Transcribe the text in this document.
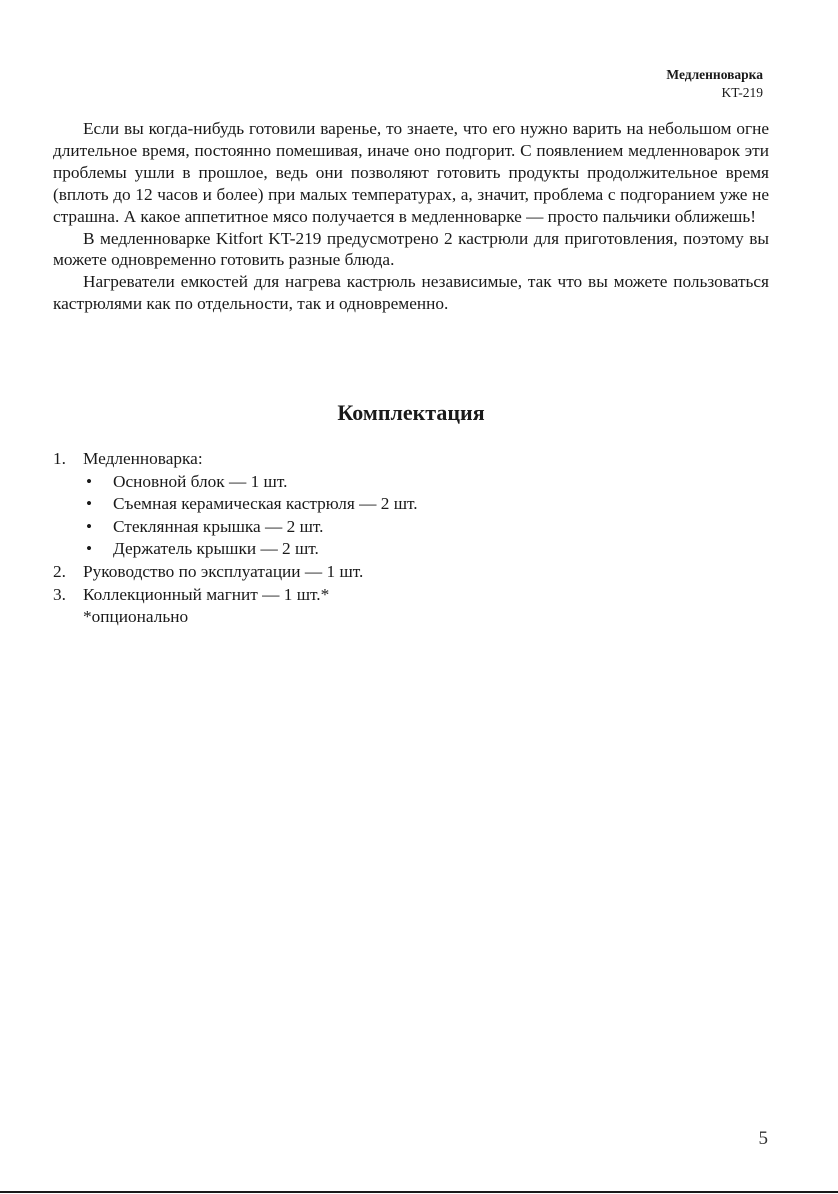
Медленноварка
KT-219

Если вы когда-нибудь готовили варенье, то знаете, что его нужно варить на небольшом огне длительное время, постоянно помешивая, иначе оно подгорит. С появлением медленноварок эти проблемы ушли в прошлое, ведь они позволяют готовить продукты продолжительное время (вплоть до 12 часов и более) при малых температурах, а, значит, проблема с подгоранием уже не страшна. А какое аппетитное мясо получается в медленноварке — просто пальчики оближешь!

В медленноварке Kitfort KT-219 предусмотрено 2 кастрюли для приготовления, поэтому вы можете одновременно готовить разные блюда.

Нагреватели емкостей для нагрева кастрюль независимые, так что вы можете пользоваться кастрюлями как по отдельности, так и одновременно.

Комплектация
1. Медленноварка:
•	Основной блок — 1 шт.
•	Съемная керамическая кастрюля — 2 шт.
•	Стеклянная крышка — 2 шт.
•	Держатель крышки — 2 шт.
2. Руководство по эксплуатации — 1 шт.
3. Коллекционный магнит — 1 шт.*
*опционально
5
